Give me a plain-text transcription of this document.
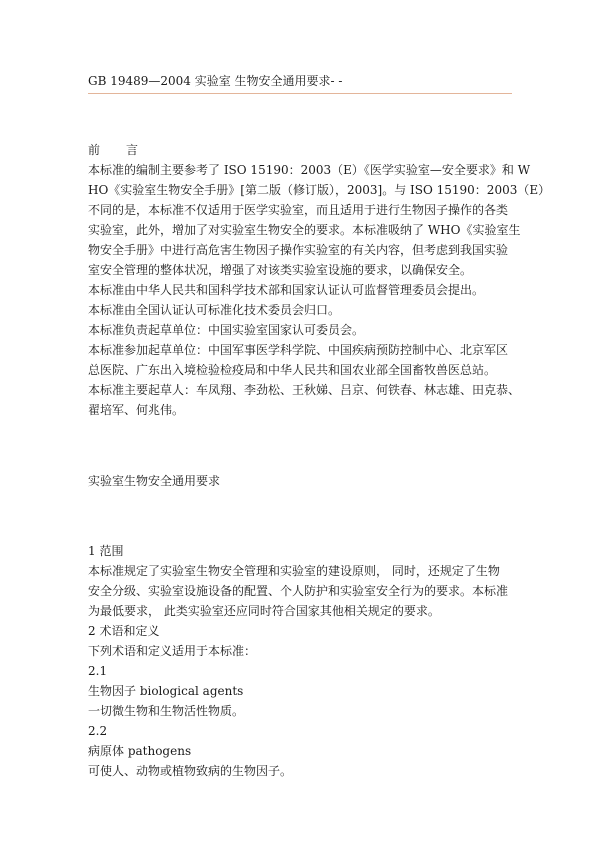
GB 19489—2004 实验室 生物安全通用要求- -
前 言
本标准的编制主要参考了 ISO 15190：2003（E）《医学实验室—安全要求》和 W
HO《实验室生物安全手册》[第二版（修订版），2003]。与 ISO 15190：2003（E）
不同的是，本标准不仅适用于医学实验室，而且适用于进行生物因子操作的各类
实验室，此外，增加了对实验室生物安全的要求。本标准吸纳了 WHO《实验室生
物安全手册》中进行高危害生物因子操作实验室的有关内容，但考虑到我国实验
室安全管理的整体状况，增强了对该类实验室设施的要求，以确保安全。
本标准由中华人民共和国科学技术部和国家认证认可监督管理委员会提出。
本标准由全国认证认可标准化技术委员会归口。
本标准负责起草单位：中国实验室国家认可委员会。
本标准参加起草单位：中国军事医学科学院、中国疾病预防控制中心、北京军区
总医院、广东出入境检验检疫局和中华人民共和国农业部全国畜牧兽医总站。
本标准主要起草人：车凤翔、李劲松、王秋娣、吕京、何铁春、林志雄、田克恭、
翟培军、何兆伟。
实验室生物安全通用要求
1 范围
本标准规定了实验室生物安全管理和实验室的建设原则， 同时，还规定了生物
安全分级、实验室设施设备的配置、个人防护和实验室安全行为的要求。本标准
为最低要求， 此类实验室还应同时符合国家其他相关规定的要求。
2 术语和定义
下列术语和定义适用于本标准：
2.1
生物因子 biological agents
一切微生物和生物活性物质。
2.2
病原体 pathogens
可使人、动物或植物致病的生物因子。
